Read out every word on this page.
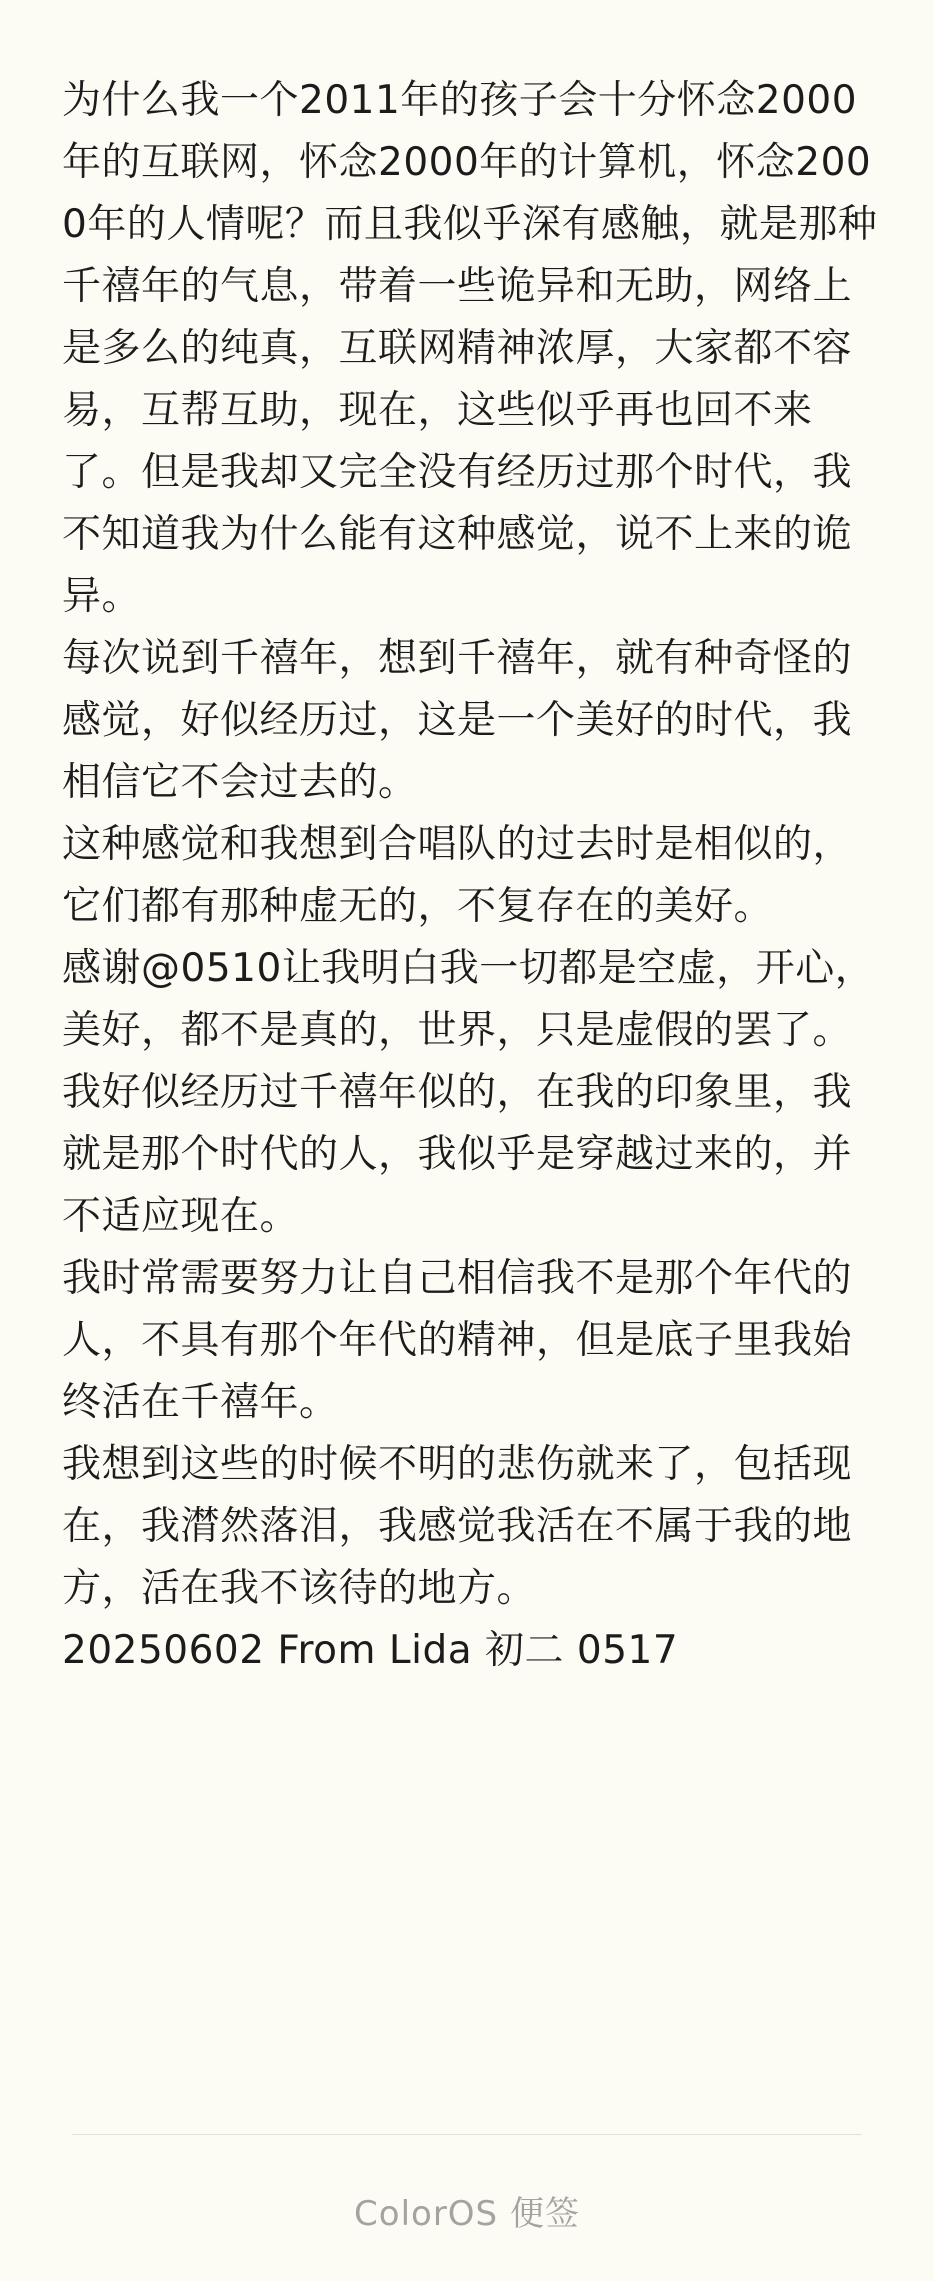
为什么我一个2011年的孩子会十分怀念2000年的互联网，怀念2000年的计算机，怀念2000年的人情呢？而且我似乎深有感触，就是那种千禧年的气息，带着一些诡异和无助，网络上是多么的纯真，互联网精神浓厚，大家都不容易，互帮互助，现在，这些似乎再也回不来了。但是我却又完全没有经历过那个时代，我不知道我为什么能有这种感觉，说不上来的诡异。

每次说到千禧年，想到千禧年，就有种奇怪的感觉，好似经历过，这是一个美好的时代，我相信它不会过去的。

这种感觉和我想到合唱队的过去时是相似的，它们都有那种虚无的，不复存在的美好。

感谢@0510让我明白我一切都是空虚，开心，美好，都不是真的，世界，只是虚假的罢了。

我好似经历过千禧年似的，在我的印象里，我就是那个时代的人，我似乎是穿越过来的，并不适应现在。

我时常需要努力让自己相信我不是那个年代的人，不具有那个年代的精神，但是底子里我始终活在千禧年。

我想到这些的时候不明的悲伤就来了，包括现在，我潸然落泪，我感觉我活在不属于我的地方，活在我不该待的地方。

20250602 From Lida 初二 0517

ColorOS 便签
